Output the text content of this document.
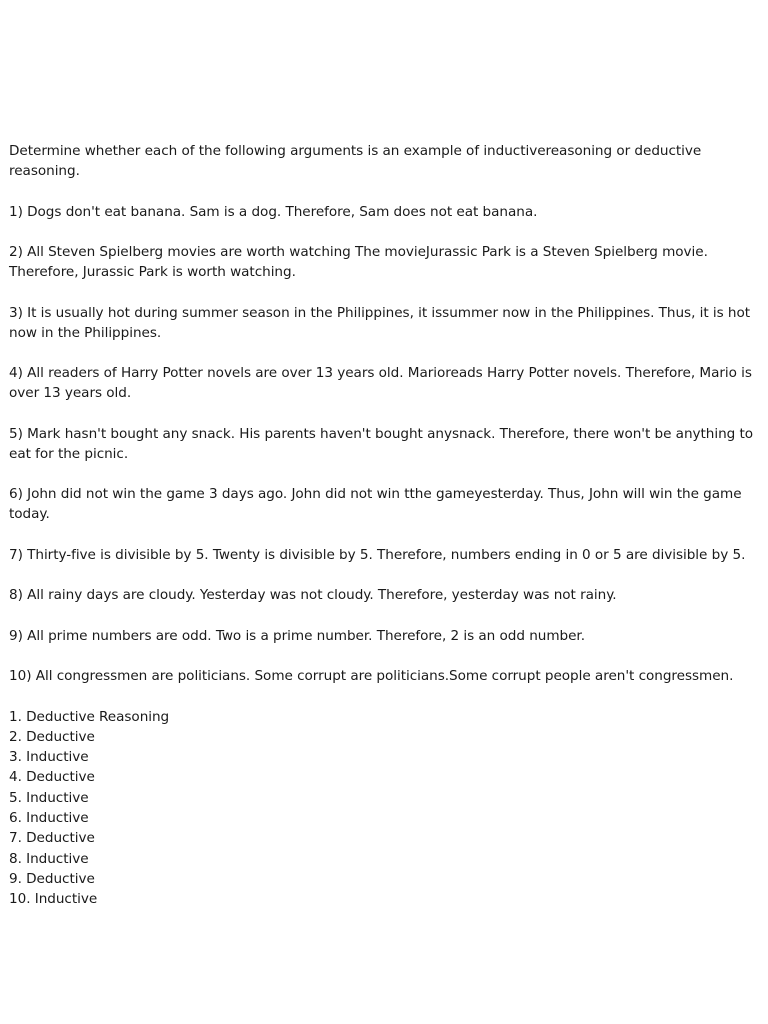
Determine whether each of the following arguments is an example of inductivereasoning or deductive reasoning.

1) Dogs don't eat banana. Sam is a dog. Therefore, Sam does not eat banana.

2) All Steven Spielberg movies are worth watching The movieJurassic Park is a Steven Spielberg movie. Therefore, Jurassic Park is worth watching.

3) It is usually hot during summer season in the Philippines, it issummer now in the Philippines. Thus, it is hot now in the Philippines.

4) All readers of Harry Potter novels are over 13 years old. Marioreads Harry Potter novels. Therefore, Mario is over 13 years old.

5) Mark hasn't bought any snack. His parents haven't bought anysnack. Therefore, there won't be anything to eat for the picnic.

6) John did not win the game 3 days ago. John did not win tthe gameyesterday. Thus, John will win the game today.

7) Thirty-five is divisible by 5. Twenty is divisible by 5. Therefore, numbers ending in 0 or 5 are divisible by 5.

8) All rainy days are cloudy. Yesterday was not cloudy. Therefore, yesterday was not rainy.

9) All prime numbers are odd. Two is a prime number. Therefore, 2 is an odd number.

10) All congressmen are politicians. Some corrupt are politicians.Some corrupt people aren't congressmen.

1. Deductive Reasoning
2. Deductive
3. Inductive
4. Deductive
5. Inductive
6. Inductive
7. Deductive
8. Inductive
9. Deductive
10. Inductive
